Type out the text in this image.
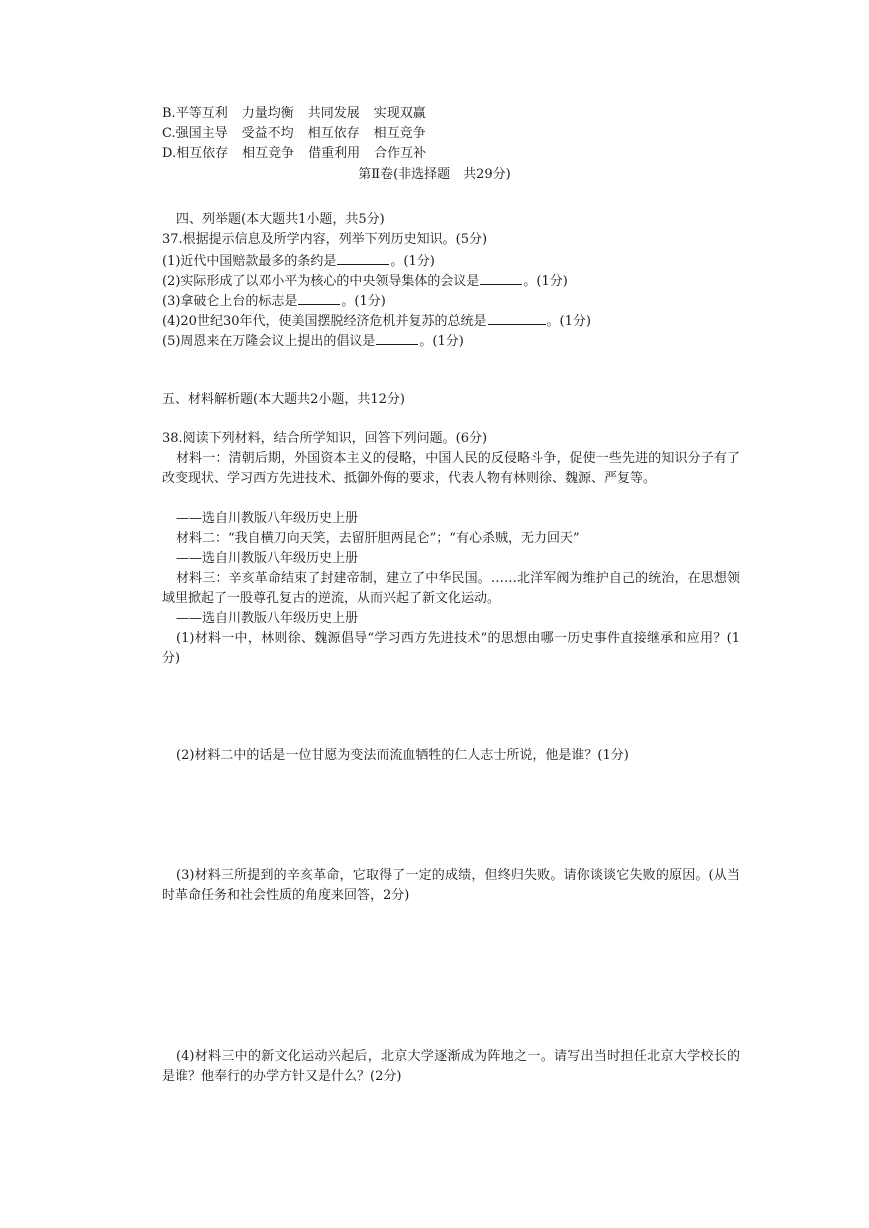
B.平等互利 力量均衡 共同发展 实现双赢
C.强国主导 受益不均 相互依存 相互竞争
D.相互依存 相互竞争 借重利用 合作互补
第Ⅱ卷(非选择题　共29分)
四、列举题(本大题共1小题，共5分)
37.根据提示信息及所学内容，列举下列历史知识。(5分)
(1)近代中国赔款最多的条约是	。(1分)
(2)实际形成了以邓小平为核心的中央领导集体的会议是	。(1分)
(3)拿破仑上台的标志是	。(1分)
(4)20世纪30年代，使美国摆脱经济危机并复苏的总统是	。(1分)
(5)周恩来在万隆会议上提出的倡议是	。(1分)
五、材料解析题(本大题共2小题，共12分)
38.阅读下列材料，结合所学知识，回答下列问题。(6分)
材料一：清朝后期，外国资本主义的侵略，中国人民的反侵略斗争，促使一些先进的知识分子有了改变现状、学习西方先进技术、抵御外侮的要求，代表人物有林则徐、魏源、严复等。
——选自川教版八年级历史上册
材料二：“我自横刀向天笑，去留肝胆两昆仑”；“有心杀贼，无力回天”
——选自川教版八年级历史上册
材料三：辛亥革命结束了封建帝制，建立了中华民国。……北洋军阀为维护自己的统治，在思想领域里掀起了一股尊孔复古的逆流，从而兴起了新文化运动。
——选自川教版八年级历史上册
(1)材料一中，林则徐、魏源倡导“学习西方先进技术”的思想由哪一历史事件直接继承和应用？(1分)
(2)材料二中的话是一位甘愿为变法而流血牺牲的仁人志士所说，他是谁？(1分)
(3)材料三所提到的辛亥革命，它取得了一定的成绩，但终归失败。请你谈谈它失败的原因。(从当时革命任务和社会性质的角度来回答，2分)
(4)材料三中的新文化运动兴起后，北京大学逐渐成为阵地之一。请写出当时担任北京大学校长的是谁？他奉行的办学方针又是什么？(2分)
